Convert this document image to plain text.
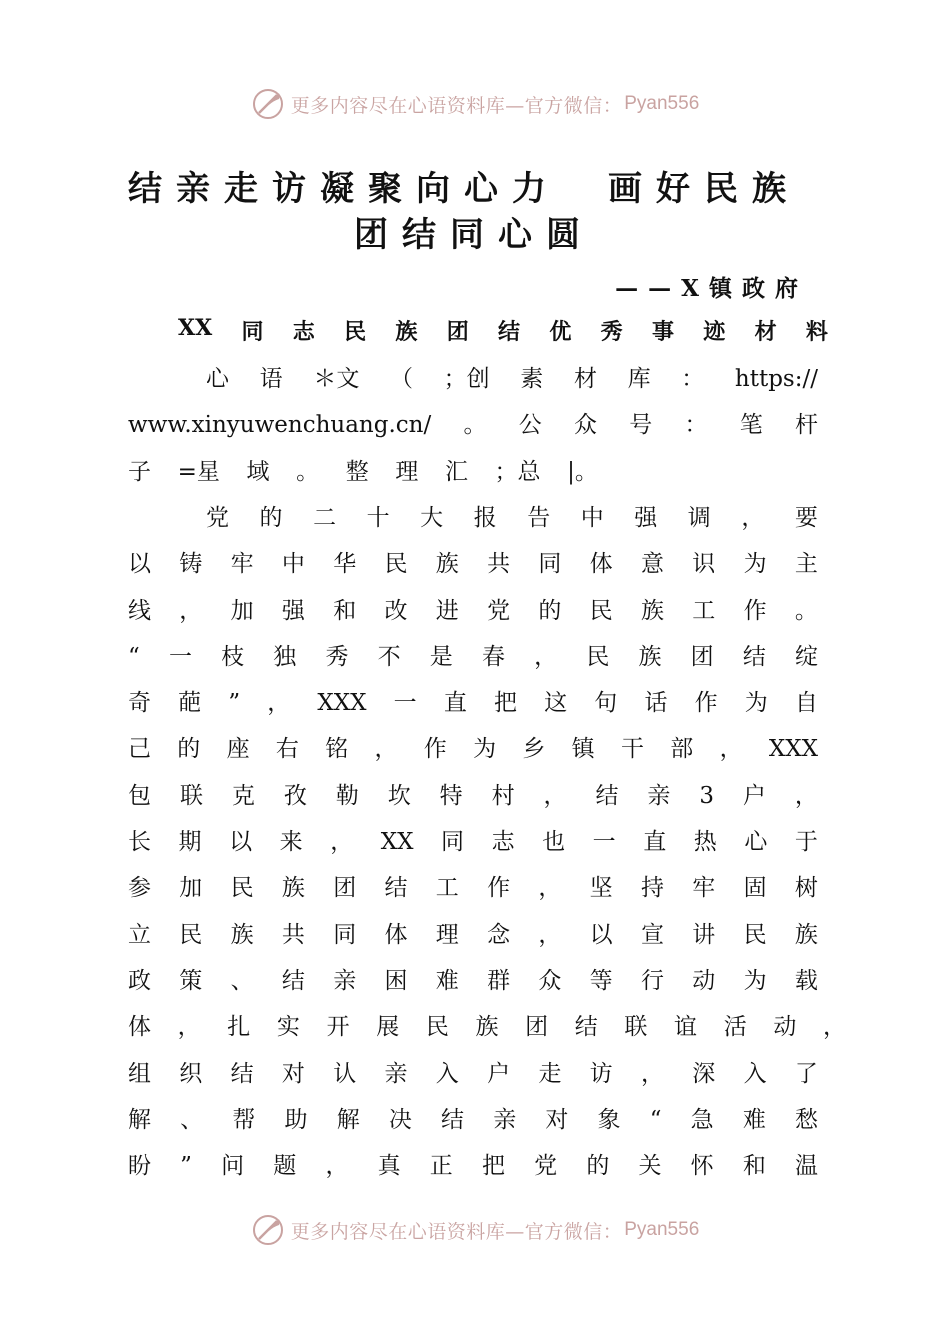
更多内容尽在心语资料库—官方微信： Pyan556
结亲走访凝聚向心力　画好民族
团结同心圆
——X镇政府
XX 同 志 民 族 团 结 优 秀 事 迹 材 料
心 语 ＊文 （ ；创 素 材 库 ： https://
www.xinyuwenchuang.cn/ 。 公 众 号 ： 笔 杆
子 =星 域 。 整 理 汇 ；总 |。
党 的 二 十 大 报 告 中 强 调 ， 要
以 铸 牢 中 华 民 族 共 同 体 意 识 为 主
线 ， 加 强 和 改 进 党 的 民 族 工 作 。
“ 一 枝 独 秀 不 是 春 ， 民 族 团 结 绽
奇 葩 ” ， XXX 一 直 把 这 句 话 作 为 自
己 的 座 右 铭 ， 作 为 乡 镇 干 部 ， XXX
包 联 克 孜 勒 坎 特 村 ， 结 亲 3 户 ，
长 期 以 来 ， XX 同 志 也 一 直 热 心 于
参 加 民 族 团 结 工 作 ， 坚 持 牢 固 树
立 民 族 共 同 体 理 念 ， 以 宣 讲 民 族
政 策 、 结 亲 困 难 群 众 等 行 动 为 载
体 ， 扎 实 开 展 民 族 团 结 联 谊 活 动 ，
组 织 结 对 认 亲 入 户 走 访 ， 深 入 了
解 、 帮 助 解 决 结 亲 对 象 “ 急 难 愁
盼 ” 问 题 ， 真 正 把 党 的 关 怀 和 温
更多内容尽在心语资料库—官方微信： Pyan556
